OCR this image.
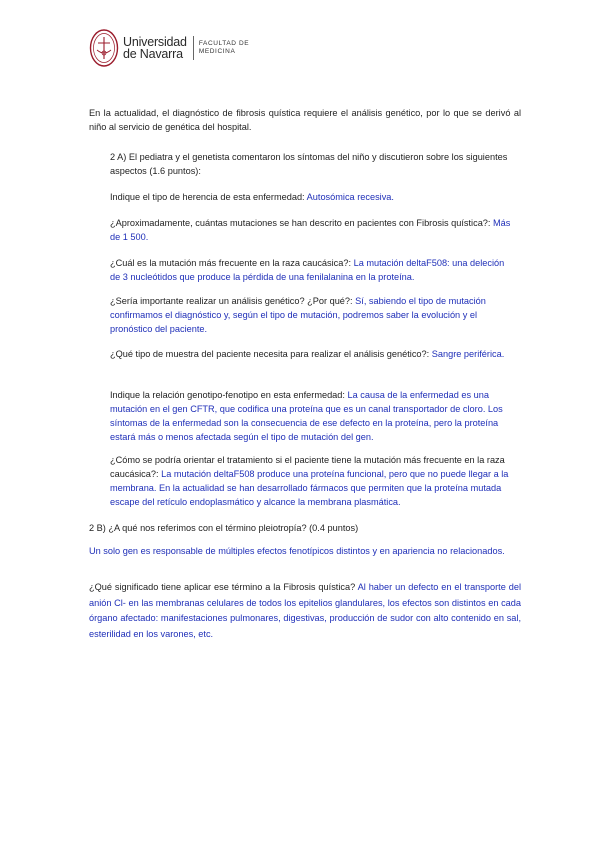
Universidad
de Navarra
FACULTAD DE
MEDICINA

En la actualidad, el diagnóstico de fibrosis quística requiere el análisis genético, por lo que se derivó al niño al servicio de genética del hospital.

2 A) El pediatra y el genetista comentaron los síntomas del niño y discutieron sobre los siguientes aspectos (1.6 puntos):

Indique el tipo de herencia de esta enfermedad: Autosómica recesiva.

¿Aproximadamente, cuántas mutaciones se han descrito en pacientes con Fibrosis quística?: Más de 1 500.

¿Cuál es la mutación más frecuente en la raza caucásica?: La mutación deltaF508: una deleción de 3 nucleótidos que produce la pérdida de una fenilalanina en la proteína.

¿Sería importante realizar un análisis genético? ¿Por qué?: Sí, sabiendo el tipo de mutación confirmamos el diagnóstico y, según el tipo de mutación, podremos saber la evolución y el pronóstico del paciente.

¿Qué tipo de muestra del paciente necesita para realizar el análisis genético?: Sangre periférica.

Indique la relación genotipo-fenotipo en esta enfermedad: La causa de la enfermedad es una mutación en el gen CFTR, que codifica una proteína que es un canal transportador de cloro. Los síntomas de la enfermedad son la consecuencia de ese defecto en la proteína, pero la proteína estará más o menos afectada según el tipo de mutación del gen.

¿Cómo se podría orientar el tratamiento si el paciente tiene la mutación más frecuente en la raza caucásica?: La mutación deltaF508 produce una proteína funcional, pero que no puede llegar a la membrana. En la actualidad se han desarrollado fármacos que permiten que la proteína mutada escape del retículo endoplasmático y alcance la membrana plasmática.

2 B) ¿A qué nos referimos con el término pleiotropía? (0.4 puntos)

Un solo gen es responsable de múltiples efectos fenotípicos distintos y en apariencia no relacionados.

¿Qué significado tiene aplicar ese término a la Fibrosis quística? Al haber un defecto en el transporte del anión Cl- en las membranas celulares de todos los epitelios glandulares, los efectos son distintos en cada órgano afectado: manifestaciones pulmonares, digestivas, producción de sudor con alto contenido en sal, esterilidad en los varones, etc.
